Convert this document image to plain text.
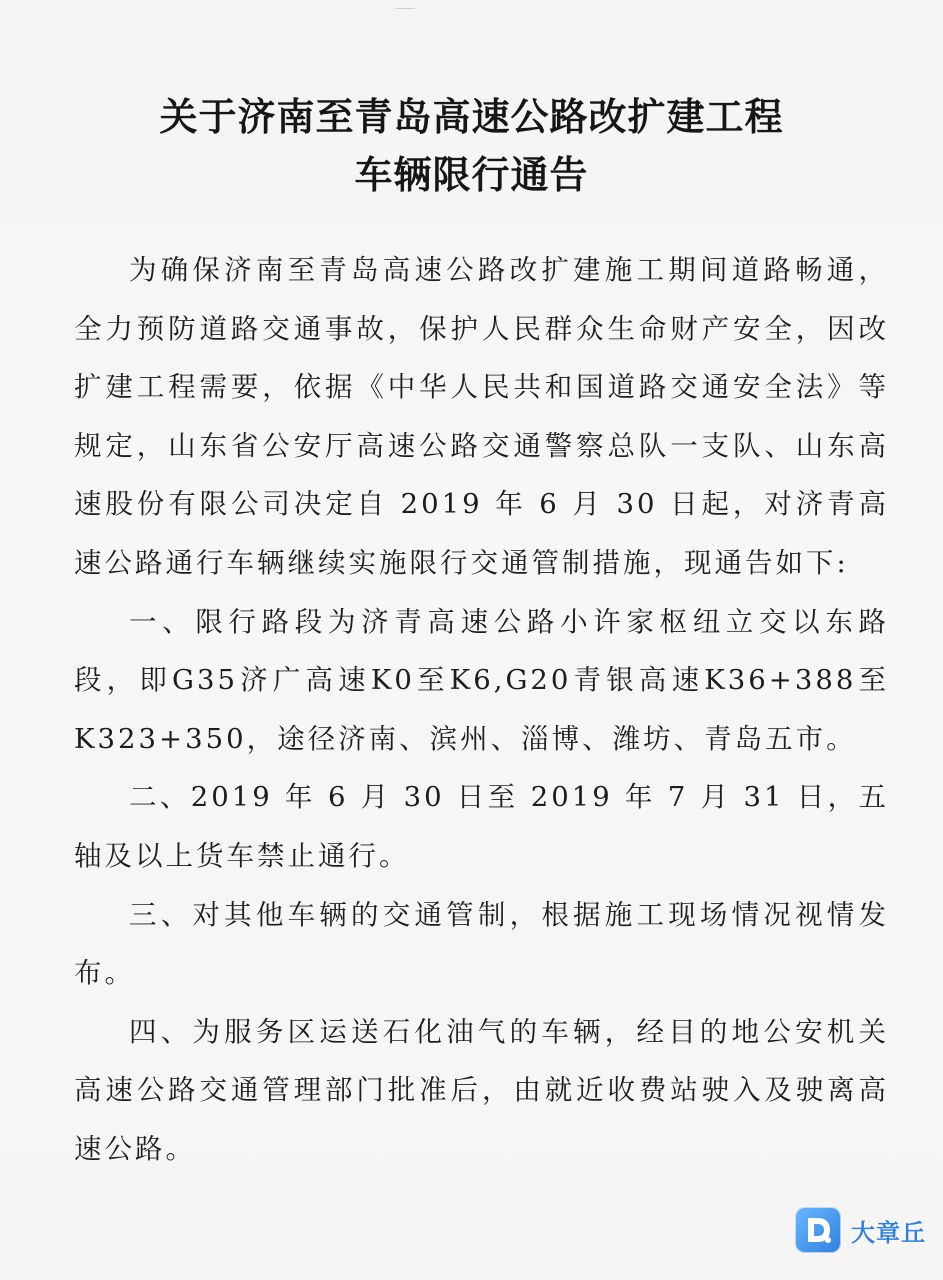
关于济南至青岛高速公路改扩建工程
车辆限行通告

为确保济南至青岛高速公路改扩建施工期间道路畅通，全力预防道路交通事故，保护人民群众生命财产安全，因改扩建工程需要，依据《中华人民共和国道路交通安全法》等规定，山东省公安厅高速公路交通警察总队一支队、山东高速股份有限公司决定自 2019 年 6 月 30 日起，对济青高速公路通行车辆继续实施限行交通管制措施，现通告如下:

一、限行路段为济青高速公路小许家枢纽立交以东路段，即G35济广高速K0至K6,G20青银高速K36+388至K323+350，途径济南、滨州、淄博、潍坊、青岛五市。

二、2019 年 6 月 30 日至 2019 年 7 月 31 日，五轴及以上货车禁止通行。

三、对其他车辆的交通管制，根据施工现场情况视情发布。

四、为服务区运送石化油气的车辆，经目的地公安机关高速公路交通管理部门批准后，由就近收费站驶入及驶离高速公路。

大章丘
